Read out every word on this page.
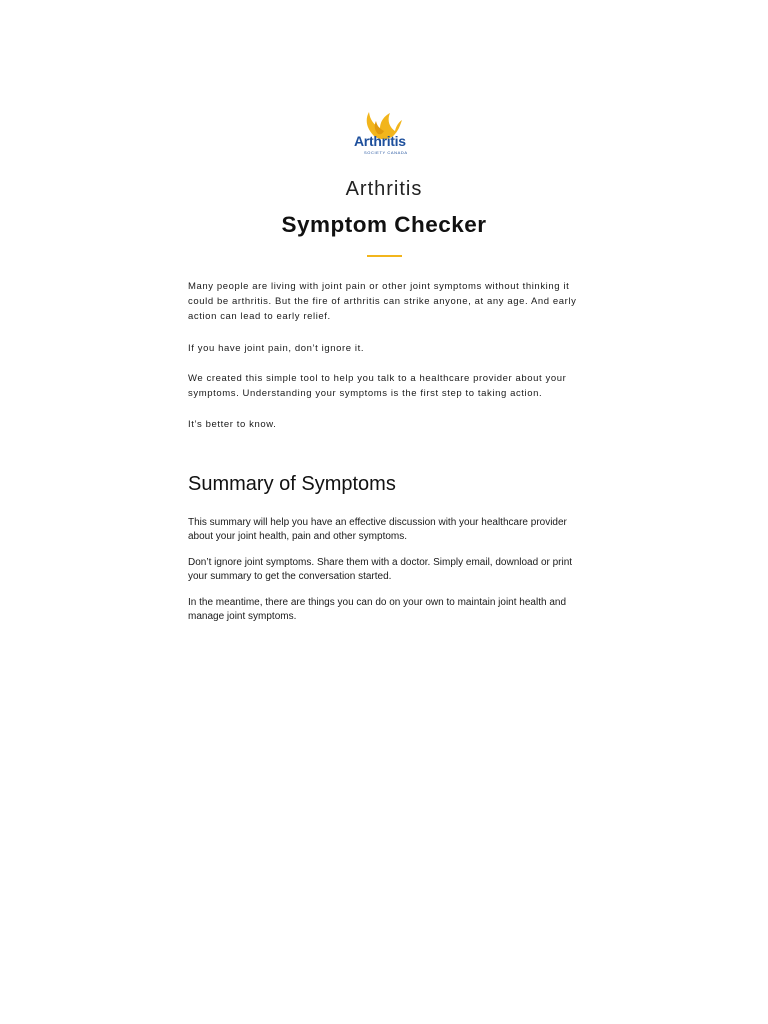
Arthritis
SOCIETY CANADA
Arthritis
Symptom Checker

Many people are living with joint pain or other joint symptoms without thinking it could be arthritis. But the fire of arthritis can strike anyone, at any age. And early action can lead to early relief.

If you have joint pain, don’t ignore it.

We created this simple tool to help you talk to a healthcare provider about your symptoms. Understanding your symptoms is the first step to taking action.

It’s better to know.

Summary of Symptoms

This summary will help you have an effective discussion with your healthcare provider about your joint health, pain and other symptoms.

Don’t ignore joint symptoms. Share them with a doctor. Simply email, download or print your summary to get the conversation started.

In the meantime, there are things you can do on your own to maintain joint health and manage joint symptoms.
